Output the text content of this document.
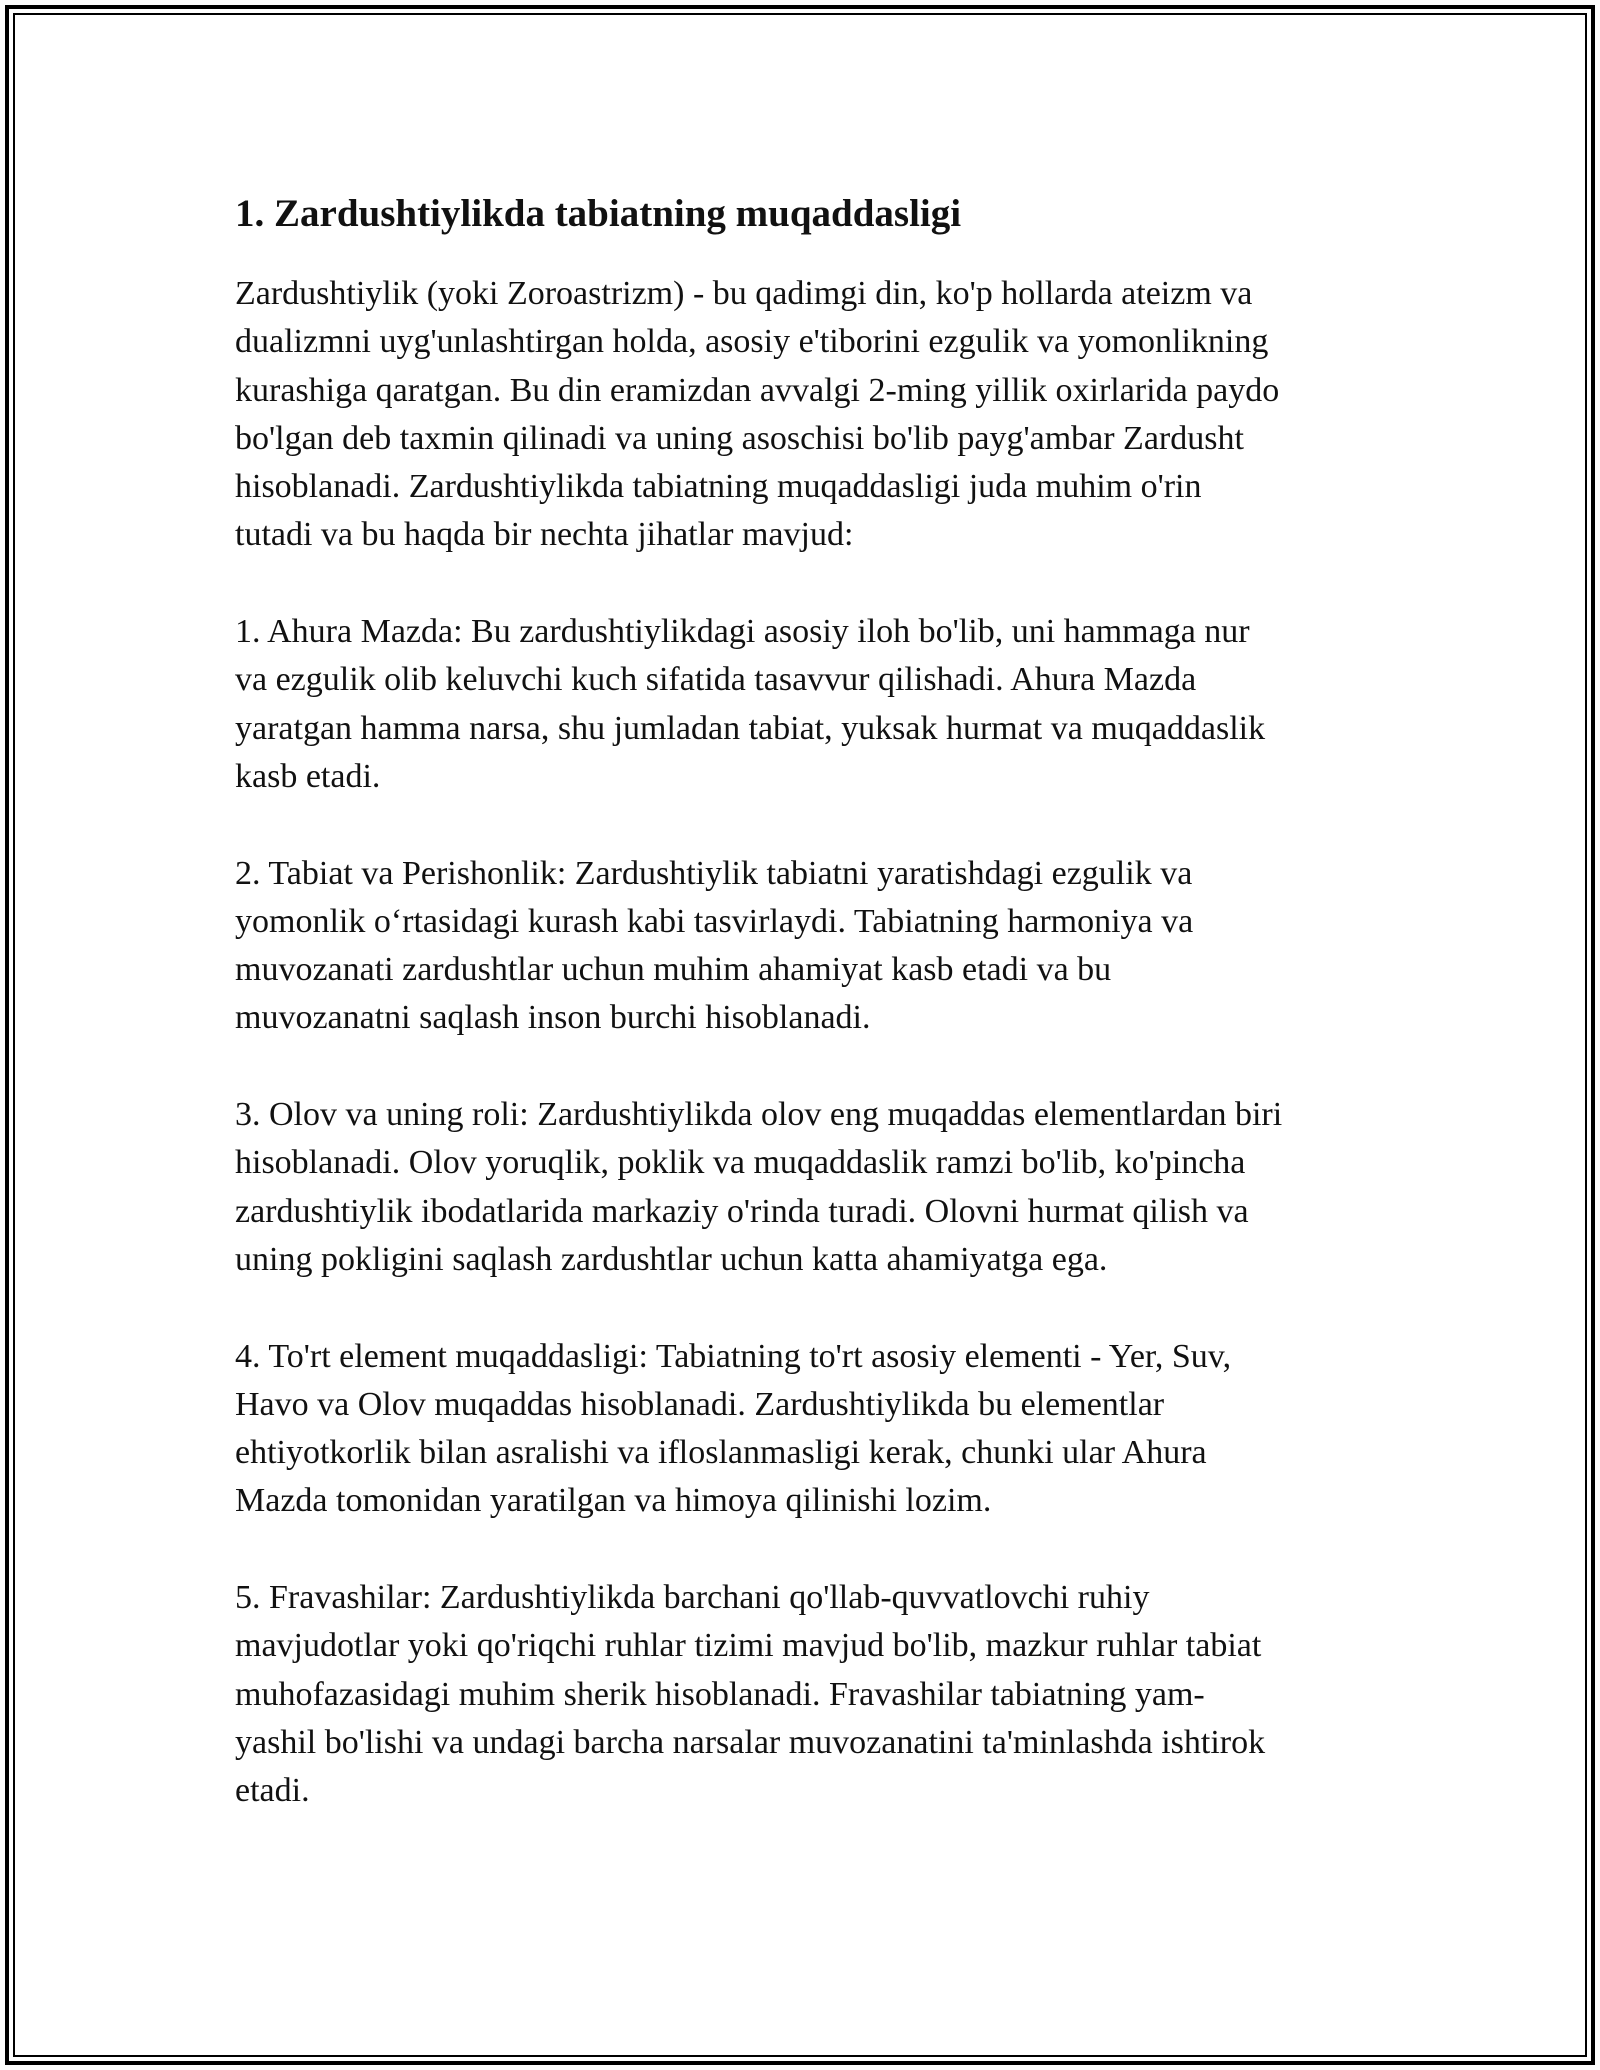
1. Zardushtiylikda tabiatning muqaddasligi
Zardushtiylik (yoki Zoroastrizm) - bu qadimgi din, ko'p hollarda ateizm va
dualizmni uyg'unlashtirgan holda, asosiy e'tiborini ezgulik va yomonlikning
kurashiga qaratgan. Bu din eramizdan avvalgi 2-ming yillik oxirlarida paydo
bo'lgan deb taxmin qilinadi va uning asoschisi bo'lib payg'ambar Zardusht
hisoblanadi. Zardushtiylikda tabiatning muqaddasligi juda muhim o'rin
tutadi va bu haqda bir nechta jihatlar mavjud:
1. Ahura Mazda: Bu zardushtiylikdagi asosiy iloh bo'lib, uni hammaga nur
va ezgulik olib keluvchi kuch sifatida tasavvur qilishadi. Ahura Mazda
yaratgan hamma narsa, shu jumladan tabiat, yuksak hurmat va muqaddaslik
kasb etadi.
2. Tabiat va Perishonlik: Zardushtiylik tabiatni yaratishdagi ezgulik va
yomonlik o‘rtasidagi kurash kabi tasvirlaydi. Tabiatning harmoniya va
muvozanati zardushtlar uchun muhim ahamiyat kasb etadi va bu
muvozanatni saqlash inson burchi hisoblanadi.
3. Olov va uning roli: Zardushtiylikda olov eng muqaddas elementlardan biri
hisoblanadi. Olov yoruqlik, poklik va muqaddaslik ramzi bo'lib, ko'pincha
zardushtiylik ibodatlarida markaziy o'rinda turadi. Olovni hurmat qilish va
uning pokligini saqlash zardushtlar uchun katta ahamiyatga ega.
4. To'rt element muqaddasligi: Tabiatning to'rt asosiy elementi - Yer, Suv,
Havo va Olov muqaddas hisoblanadi. Zardushtiylikda bu elementlar
ehtiyotkorlik bilan asralishi va ifloslanmasligi kerak, chunki ular Ahura
Mazda tomonidan yaratilgan va himoya qilinishi lozim.
5. Fravashilar: Zardushtiylikda barchani qo'llab-quvvatlovchi ruhiy
mavjudotlar yoki qo'riqchi ruhlar tizimi mavjud bo'lib, mazkur ruhlar tabiat
muhofazasidagi muhim sherik hisoblanadi. Fravashilar tabiatning yam-
yashil bo'lishi va undagi barcha narsalar muvozanatini ta'minlashda ishtirok
etadi.
